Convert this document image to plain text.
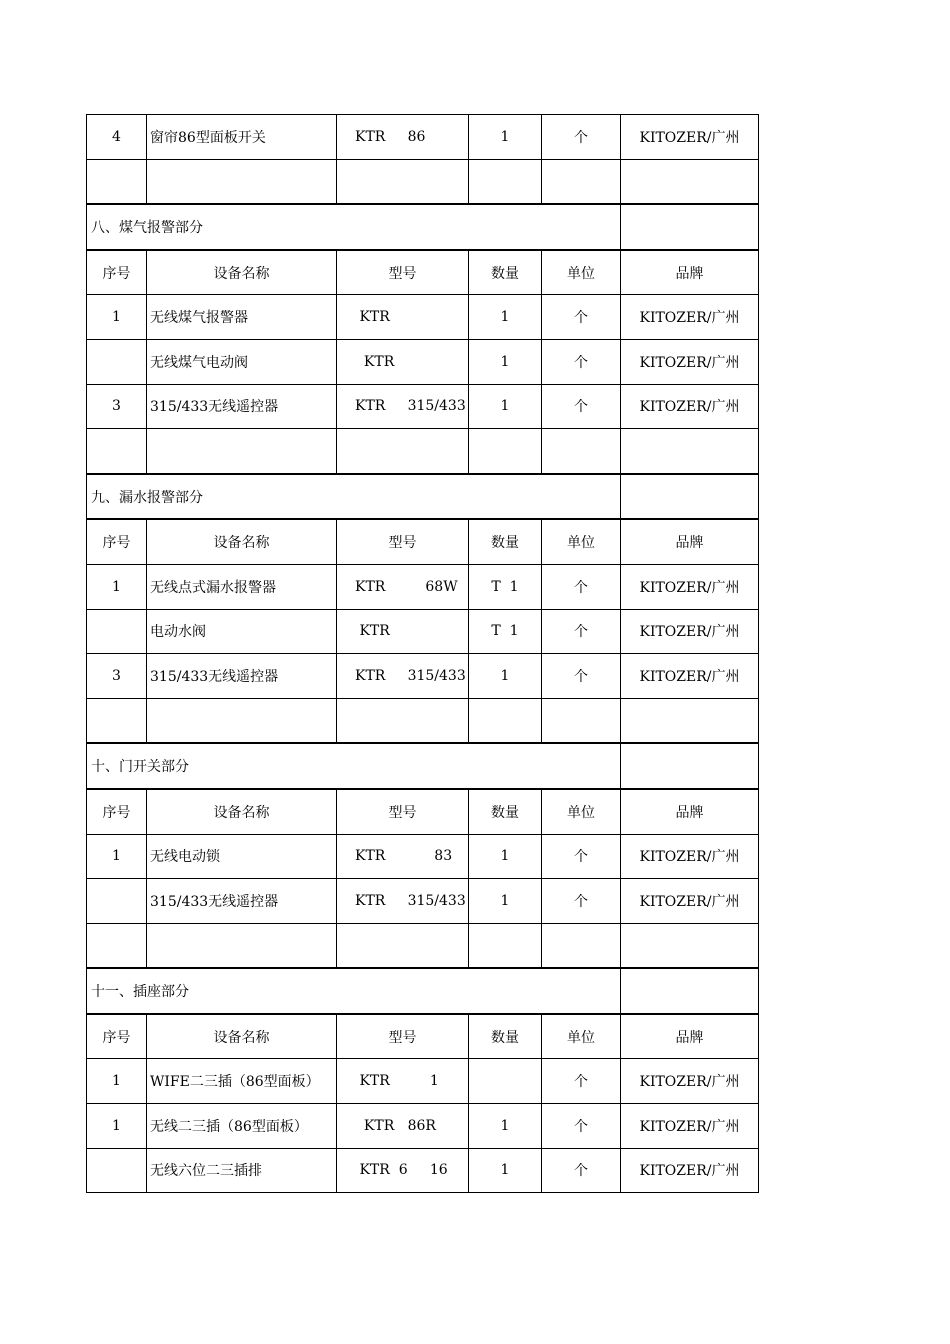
4	窗帘86型面板开关	KTR     86	1	个	KITOZER/广州

八、煤气报警部分					
序号	设备名称	型号	数量	单位	品牌
1	无线煤气报警器	KTR	1	个	KITOZER/广州
	无线煤气电动阀	KTR	1	个	KITOZER/广州
3	315/433无线遥控器	KTR     315/433	1	个	KITOZER/广州

九、漏水报警部分					
序号	设备名称	型号	数量	单位	品牌
1	无线点式漏水报警器	KTR         68W	T  1	个	KITOZER/广州
	电动水阀	KTR	T  1	个	KITOZER/广州
3	315/433无线遥控器	KTR     315/433	1	个	KITOZER/广州

十、门开关部分					
序号	设备名称	型号	数量	单位	品牌
1	无线电动锁	KTR           83	1	个	KITOZER/广州
	315/433无线遥控器	KTR     315/433	1	个	KITOZER/广州

十一、插座部分					
序号	设备名称	型号	数量	单位	品牌
1	WIFE二三插（86型面板）	KTR         1		个	KITOZER/广州
1	无线二三插（86型面板）	KTR   86R	1	个	KITOZER/广州
	无线六位二三插排	KTR  6     16	1	个	KITOZER/广州
